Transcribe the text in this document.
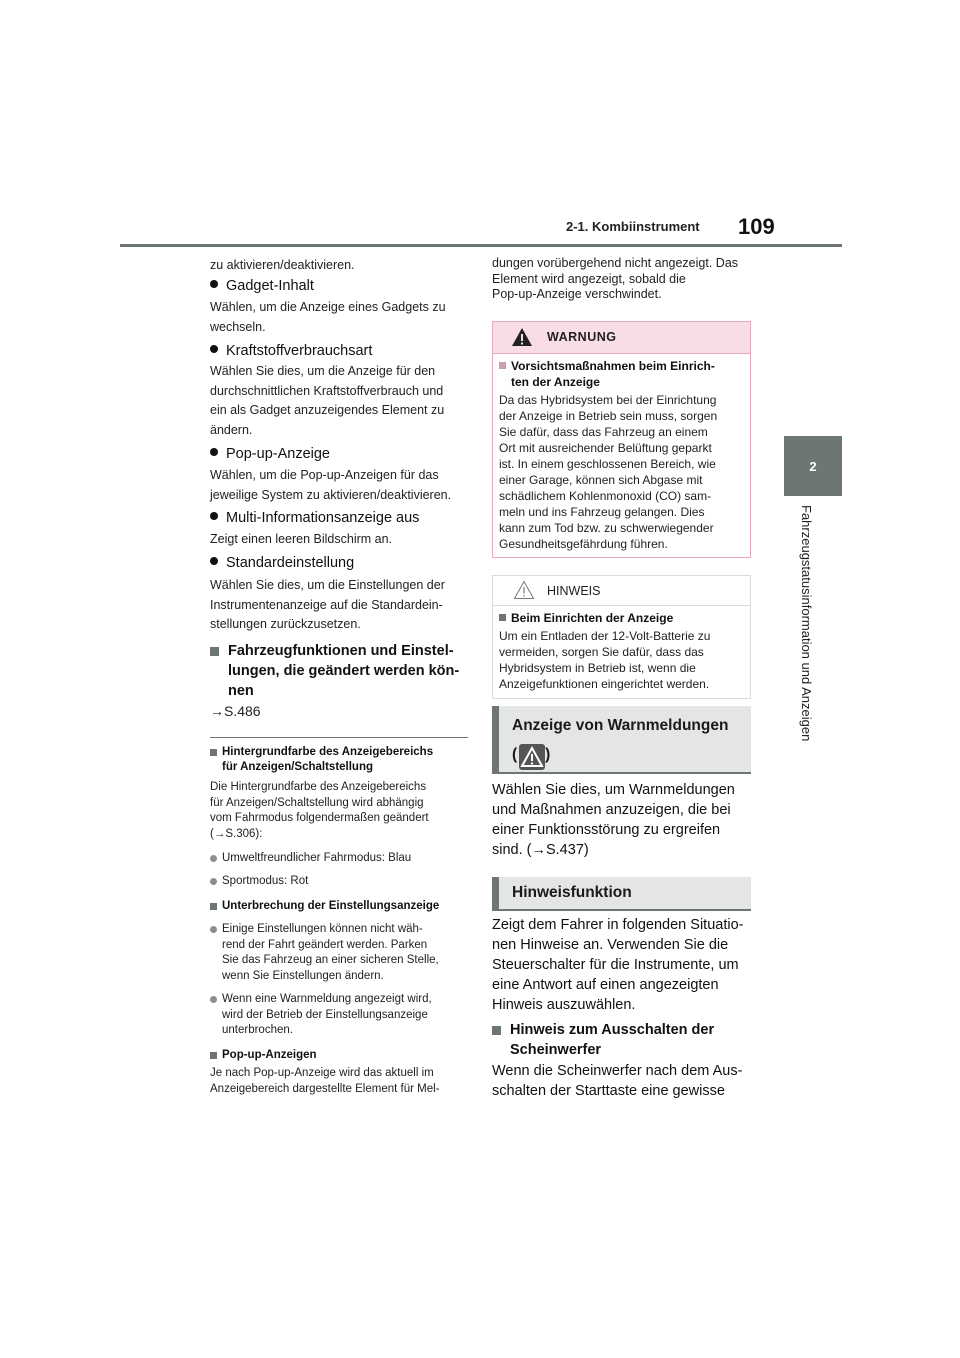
2-1. Kombiinstrument 109
2
Fahrzeugstatusinformation und Anzeigen
zu aktivieren/deaktivieren.
Gadget-Inhalt
Wählen, um die Anzeige eines Gadgets zu
wechseln.
Kraftstoffverbrauchsart
Wählen Sie dies, um die Anzeige für den
durchschnittlichen Kraftstoffverbrauch und
ein als Gadget anzuzeigendes Element zu
ändern.
Pop-up-Anzeige
Wählen, um die Pop-up-Anzeigen für das
jeweilige System zu aktivieren/deaktivieren.
Multi-Informationsanzeige aus
Zeigt einen leeren Bildschirm an.
Standardeinstellung
Wählen Sie dies, um die Einstellungen der
Instrumentenanzeige auf die Standardein-
stellungen zurückzusetzen.
Fahrzeugfunktionen und Einstel-
lungen, die geändert werden kön-
nen
→S.486
Hintergrundfarbe des Anzeigebereichs
für Anzeigen/Schaltstellung
Die Hintergrundfarbe des Anzeigebereichs
für Anzeigen/Schaltstellung wird abhängig
vom Fahrmodus folgendermaßen geändert
(→S.306):
Umweltfreundlicher Fahrmodus: Blau
Sportmodus: Rot
Unterbrechung der Einstellungsanzeige
Einige Einstellungen können nicht wäh-
rend der Fahrt geändert werden. Parken
Sie das Fahrzeug an einer sicheren Stelle,
wenn Sie Einstellungen ändern.
Wenn eine Warnmeldung angezeigt wird,
wird der Betrieb der Einstellungsanzeige
unterbrochen.
Pop-up-Anzeigen
Je nach Pop-up-Anzeige wird das aktuell im
Anzeigebereich dargestellte Element für Mel-
dungen vorübergehend nicht angezeigt. Das
Element wird angezeigt, sobald die
Pop-up-Anzeige verschwindet.
WARNUNG
Vorsichtsmaßnahmen beim Einrich-
ten der Anzeige
Da das Hybridsystem bei der Einrichtung
der Anzeige in Betrieb sein muss, sorgen
Sie dafür, dass das Fahrzeug an einem
Ort mit ausreichender Belüftung geparkt
ist. In einem geschlossenen Bereich, wie
einer Garage, können sich Abgase mit
schädlichem Kohlenmonoxid (CO) sam-
meln und ins Fahrzeug gelangen. Dies
kann zum Tod bzw. zu schwerwiegender
Gesundheitsgefährdung führen.
HINWEIS
Beim Einrichten der Anzeige
Um ein Entladen der 12-Volt-Batterie zu
vermeiden, sorgen Sie dafür, dass das
Hybridsystem in Betrieb ist, wenn die
Anzeigefunktionen eingerichtet werden.
Anzeige von Warnmeldungen
( )
Wählen Sie dies, um Warnmeldungen
und Maßnahmen anzuzeigen, die bei
einer Funktionsstörung zu ergreifen
sind. (→S.437)
Hinweisfunktion
Zeigt dem Fahrer in folgenden Situatio-
nen Hinweise an. Verwenden Sie die
Steuerschalter für die Instrumente, um
eine Antwort auf einen angezeigten
Hinweis auszuwählen.
Hinweis zum Ausschalten der
Scheinwerfer
Wenn die Scheinwerfer nach dem Aus-
schalten der Starttaste eine gewisse
